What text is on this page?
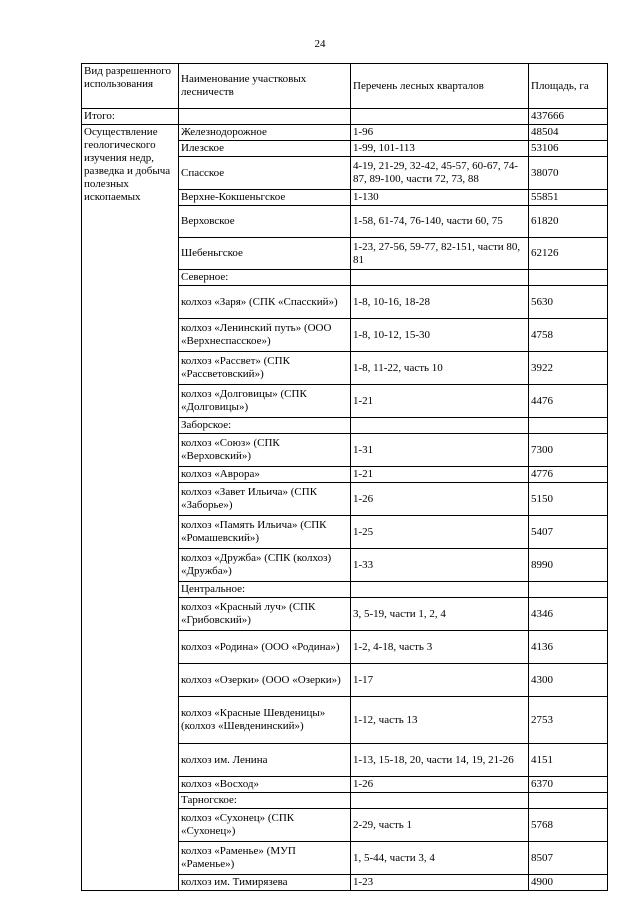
24
Вид разрешенного использования	Наименование участковых лесничеств	Перечень лесных кварталов	Площадь, га
Итого:			437666
Осуществление геологического изучения недр, разведка и добыча полезных ископаемых	Железнодорожное	1-96	48504
	Илезское	1-99, 101-113	53106
	Спасское	4-19, 21-29, 32-42, 45-57, 60-67, 74-87, 89-100, части 72, 73, 88	38070
	Верхне-Кокшеньгское	1-130	55851
	Верховское	1-58, 61-74, 76-140, части 60, 75	61820
	Шебеньгское	1-23, 27-56, 59-77, 82-151, части 80, 81	62126
	Северное:		
	колхоз «Заря» (СПК «Спасский»)	1-8, 10-16, 18-28	5630
	колхоз «Ленинский путь» (ООО «Верхнеспасское»)	1-8, 10-12, 15-30	4758
	колхоз «Рассвет» (СПК «Рассветовский»)	1-8, 11-22, часть 10	3922
	колхоз «Долговицы» (СПК «Долговицы»)	1-21	4476
	Заборское:		
	колхоз «Союз» (СПК «Верховский»)	1-31	7300
	колхоз «Аврора»	1-21	4776
	колхоз «Завет Ильича» (СПК «Заборье»)	1-26	5150
	колхоз «Память Ильича» (СПК «Ромашевский»)	1-25	5407
	колхоз «Дружба» (СПК (колхоз) «Дружба»)	1-33	8990
	Центральное:		
	колхоз «Красный луч» (СПК «Грибовский»)	3, 5-19, части 1, 2, 4	4346
	колхоз «Родина» (ООО «Родина»)	1-2, 4-18, часть 3	4136
	колхоз «Озерки» (ООО «Озерки»)	1-17	4300
	колхоз «Красные Шевденицы» (колхоз «Шевденинский»)	1-12, часть 13	2753
	колхоз им. Ленина	1-13, 15-18, 20, части 14, 19, 21-26	4151
	колхоз «Восход»	1-26	6370
	Тарногское:		
	колхоз «Сухонец» (СПК «Сухонец»)	2-29, часть 1	5768
	колхоз «Раменье» (МУП «Раменье»)	1, 5-44, части 3, 4	8507
	колхоз им. Тимирязева	1-23	4900
